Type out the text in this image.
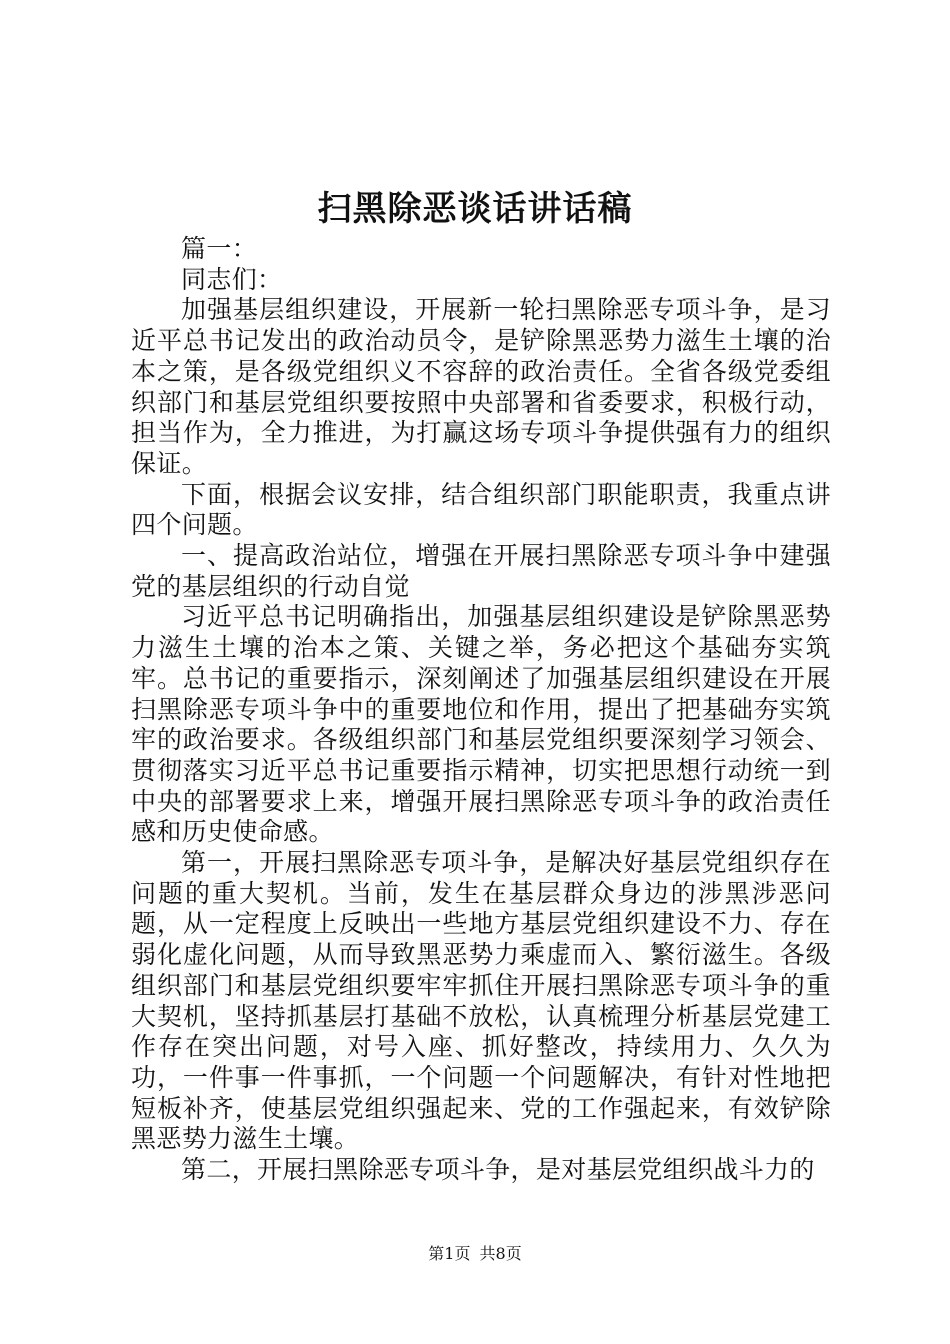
扫黑除恶谈话讲话稿

篇一：

同志们：

加强基层组织建设，开展新一轮扫黑除恶专项斗争，是习近平总书记发出的政治动员令，是铲除黑恶势力滋生土壤的治本之策，是各级党组织义不容辞的政治责任。全省各级党委组织部门和基层党组织要按照中央部署和省委要求，积极行动，担当作为，全力推进，为打赢这场专项斗争提供强有力的组织保证。

下面，根据会议安排，结合组织部门职能职责，我重点讲四个问题。

一、提高政治站位，增强在开展扫黑除恶专项斗争中建强党的基层组织的行动自觉

习近平总书记明确指出，加强基层组织建设是铲除黑恶势力滋生土壤的治本之策、关键之举，务必把这个基础夯实筑牢。总书记的重要指示，深刻阐述了加强基层组织建设在开展扫黑除恶专项斗争中的重要地位和作用，提出了把基础夯实筑牢的政治要求。各级组织部门和基层党组织要深刻学习领会、贯彻落实习近平总书记重要指示精神，切实把思想行动统一到中央的部署要求上来，增强开展扫黑除恶专项斗争的政治责任感和历史使命感。

第一，开展扫黑除恶专项斗争，是解决好基层党组织存在问题的重大契机。当前，发生在基层群众身边的涉黑涉恶问题，从一定程度上反映出一些地方基层党组织建设不力、存在弱化虚化问题，从而导致黑恶势力乘虚而入、繁衍滋生。各级组织部门和基层党组织要牢牢抓住开展扫黑除恶专项斗争的重大契机，坚持抓基层打基础不放松，认真梳理分析基层党建工作存在突出问题，对号入座、抓好整改，持续用力、久久为功，一件事一件事抓，一个问题一个问题解决，有针对性地把短板补齐，使基层党组织强起来、党的工作强起来，有效铲除黑恶势力滋生土壤。

第二，开展扫黑除恶专项斗争，是对基层党组织战斗力的

第1页 共8页
